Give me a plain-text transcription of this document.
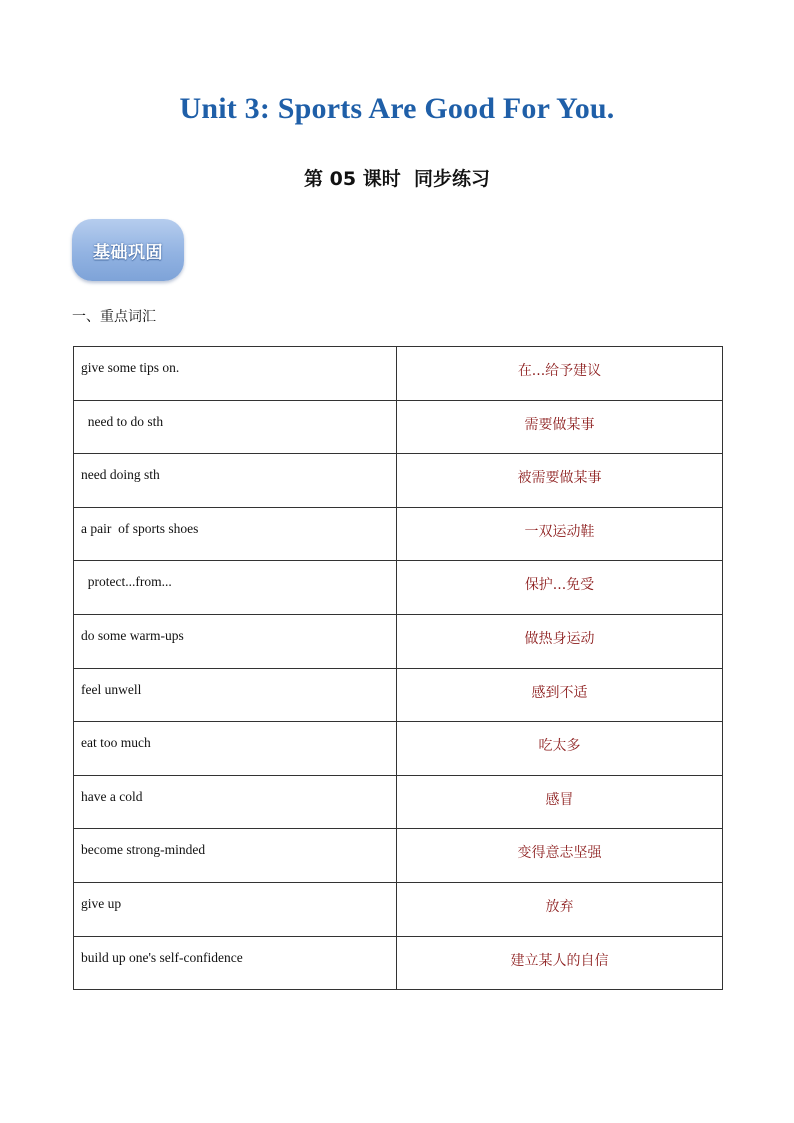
Unit 3: Sports Are Good For You.
第 05 课时  同步练习
基础巩固
一、重点词汇
give some tips on.	在...给予建议
need to do sth	需要做某事
need doing sth	被需要做某事
a pair  of sports shoes	一双运动鞋
protect...from...	保护...免受
do some warm-ups	做热身运动
feel unwell	感到不适
eat too much	吃太多
have a cold	感冒
become strong-minded	变得意志坚强
give up	放弃
build up one's self-confidence	建立某人的自信
